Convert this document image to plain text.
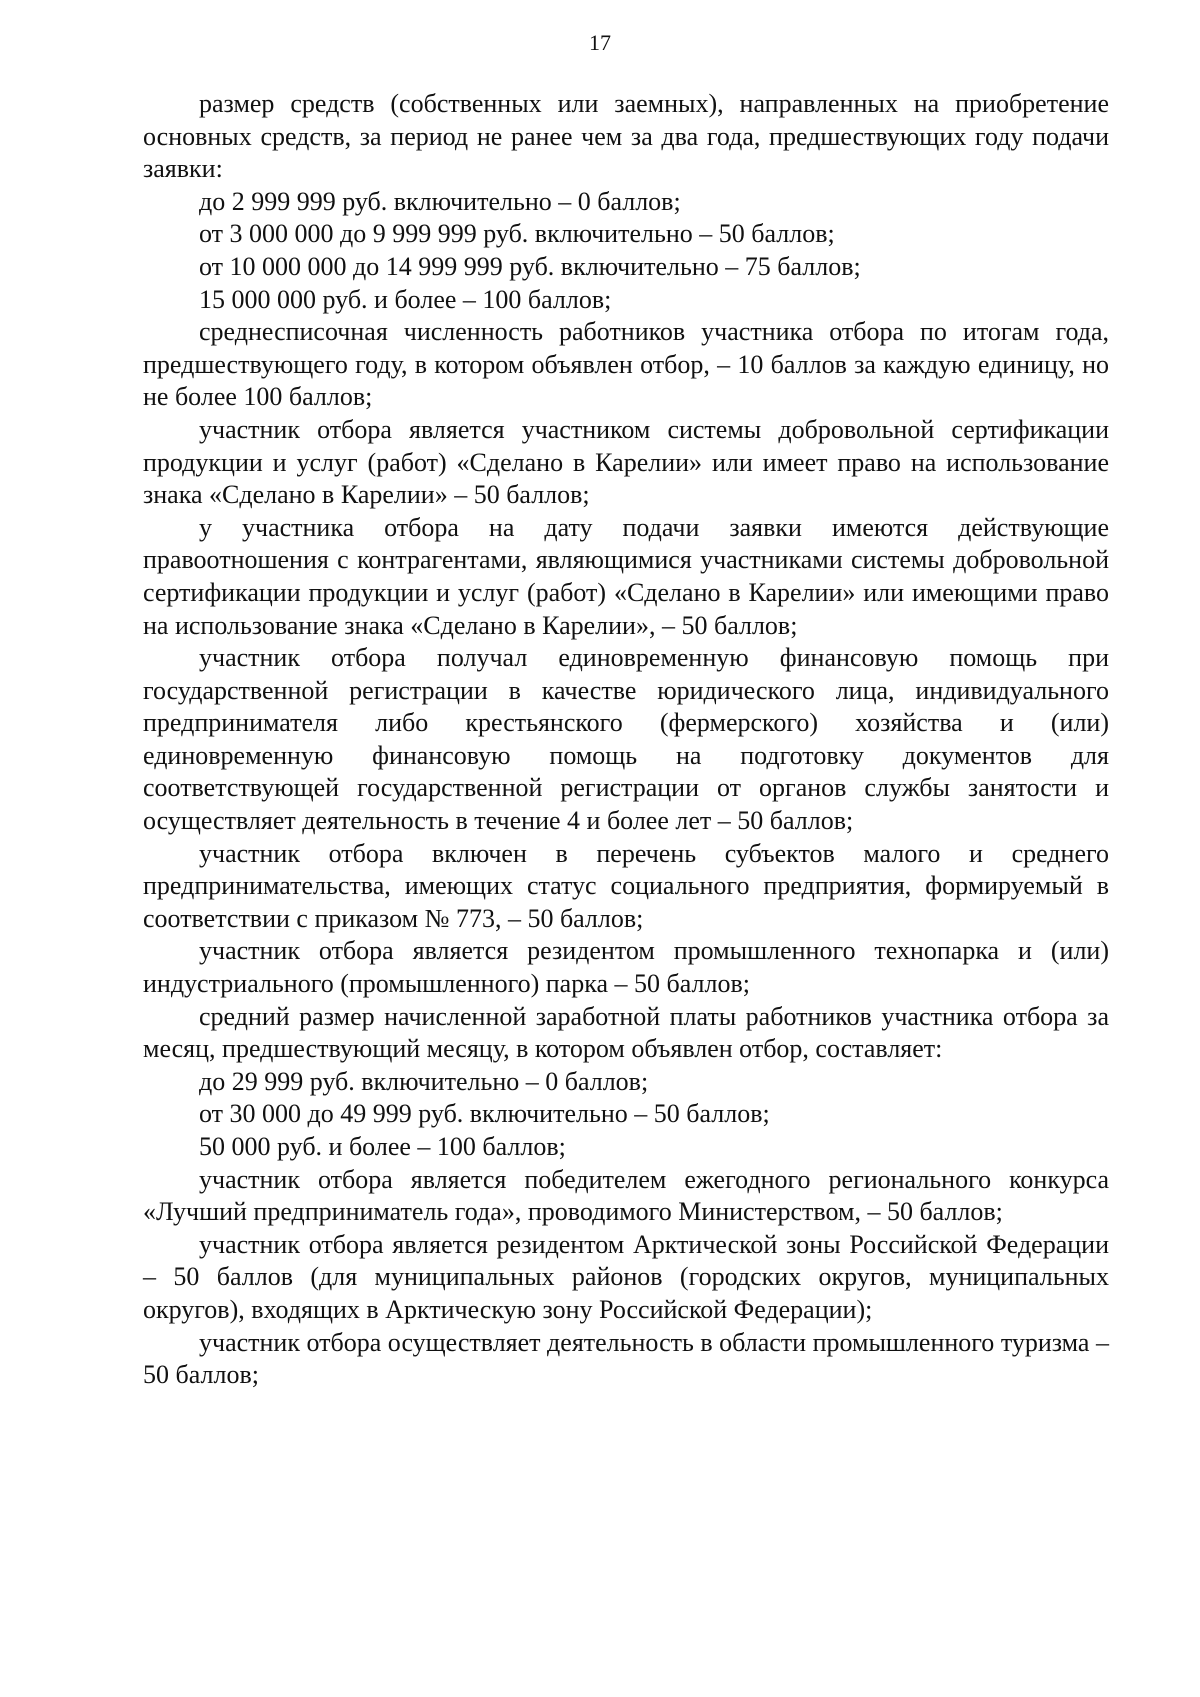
17

размер средств (собственных или заемных), направленных на приобретение основных средств, за период не ранее чем за два года, предшествующих году подачи заявки:

до 2 999 999 руб. включительно – 0 баллов;

от 3 000 000 до 9 999 999 руб. включительно – 50 баллов;

от 10 000 000 до 14 999 999 руб. включительно – 75 баллов;

15 000 000 руб. и более – 100 баллов;

среднесписочная численность работников участника отбора по итогам года, предшествующего году, в котором объявлен отбор, – 10 баллов за каждую единицу, но не более 100 баллов;

участник отбора является участником системы добровольной сертификации продукции и услуг (работ) «Сделано в Карелии» или имеет право на использование знака «Сделано в Карелии» – 50 баллов;

у участника отбора на дату подачи заявки имеются действующие правоотношения с контрагентами, являющимися участниками системы добровольной сертификации продукции и услуг (работ) «Сделано в Карелии» или имеющими право на использование знака «Сделано в Карелии», – 50 баллов;

участник отбора получал единовременную финансовую помощь при государственной регистрации в качестве юридического лица, индивидуального предпринимателя либо крестьянского (фермерского) хозяйства и (или) единовременную финансовую помощь на подготовку документов для соответствующей государственной регистрации от органов службы занятости и осуществляет деятельность в течение 4 и более лет – 50 баллов;

участник отбора включен в перечень субъектов малого и среднего предпринимательства, имеющих статус социального предприятия, формируемый в соответствии с приказом № 773, – 50 баллов;

участник отбора является резидентом промышленного технопарка и (или) индустриального (промышленного) парка – 50 баллов;

средний размер начисленной заработной платы работников участника отбора за месяц, предшествующий месяцу, в котором объявлен отбор, составляет:

до 29 999 руб. включительно – 0 баллов;

от 30 000 до 49 999 руб. включительно – 50 баллов;

50 000 руб. и более – 100 баллов;

участник отбора является победителем ежегодного регионального конкурса «Лучший предприниматель года», проводимого Министерством, – 50 баллов;

участник отбора является резидентом Арктической зоны Российской Федерации – 50 баллов (для муниципальных районов (городских округов, муниципальных округов), входящих в Арктическую зону Российской Федерации);

участник отбора осуществляет деятельность в области промышленного туризма – 50 баллов;
